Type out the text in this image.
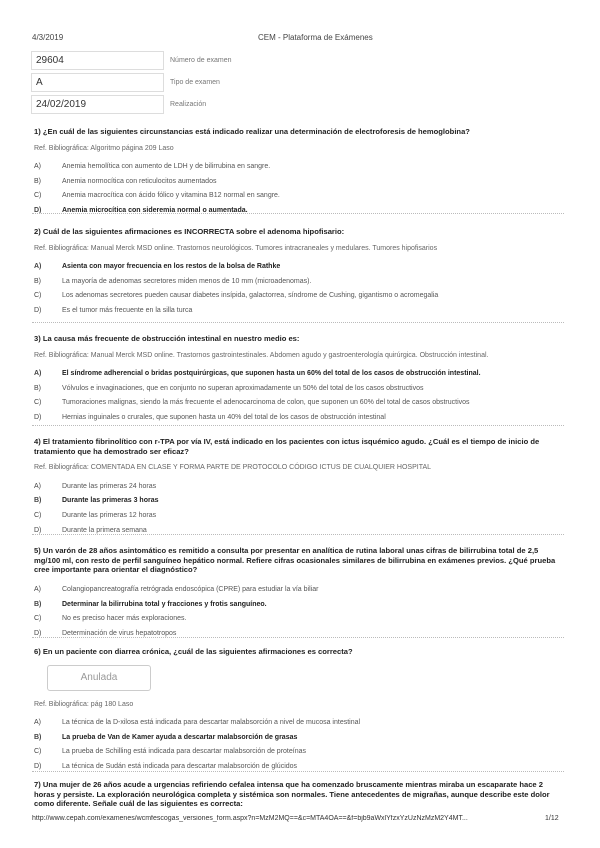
4/3/2019	CEM - Plataforma de Exámenes
29604	Número de examen
A	Tipo de examen
24/02/2019	Realización
1) ¿En cuál de las siguientes circunstancias está indicado realizar una determinación de electroforesis de hemoglobina?
Ref. Bibliográfica: Algoritmo página 209 Laso
A)	Anemia hemolítica con aumento de LDH y de bilirrubina en sangre.
B)	Anemia normocítica con reticulocitos aumentados
C)	Anemia macrocítica con ácido fólico y vitamina B12 normal en sangre.
D)	Anemia microcítica con sideremia normal o aumentada.
2) Cuál de las siguientes afirmaciones es INCORRECTA sobre el adenoma hipofisario:
Ref. Bibliográfica: Manual Merck MSD online. Trastornos neurológicos. Tumores intracraneales y medulares. Tumores hipofisarios
A)	Asienta con mayor frecuencia en los restos de la bolsa de Rathke
B)	La mayoría de adenomas secretores miden menos de 10 mm (microadenomas).
C)	Los adenomas secretores pueden causar diabetes insípida, galactorrea, síndrome de Cushing, gigantismo o acromegalia
D)	Es el tumor más frecuente en la silla turca
3) La causa más frecuente de obstrucción intestinal en nuestro medio es:
Ref. Bibliográfica: Manual Merck MSD online. Trastornos gastrointestinales. Abdomen agudo y gastroenterología quirúrgica. Obstrucción intestinal.
A)	El síndrome adherencial o bridas postquirúrgicas, que suponen hasta un 60% del total de los casos de obstrucción intestinal.
B)	Vólvulos e invaginaciones, que en conjunto no superan aproximadamente un 50% del total de los casos obstructivos
C)	Tumoraciones malignas, siendo la más frecuente el adenocarcinoma de colon, que suponen un 60% del total de casos obstructivos
D)	Hernias inguinales o crurales, que suponen hasta un 40% del total de los casos de obstrucción intestinal
4) El tratamiento fibrinolítico con r-TPA por vía IV, está indicado en los pacientes con ictus isquémico agudo. ¿Cuál es el tiempo de inicio de tratamiento que ha demostrado ser eficaz?
Ref. Bibliográfica: COMENTADA EN CLASE Y FORMA PARTE DE PROTOCOLO CÓDIGO ICTUS DE CUALQUIER HOSPITAL
A)	Durante las primeras 24 horas
B)	Durante las primeras 3 horas
C)	Durante las primeras 12 horas
D)	Durante la primera semana
5) Un varón de 28 años asintomático es remitido a consulta por presentar en analítica de rutina laboral unas cifras de bilirrubina total de 2,5 mg/100 ml, con resto de perfil sanguíneo hepático normal. Refiere cifras ocasionales similares de bilirrubina en exámenes previos. ¿Qué prueba cree importante para orientar el diagnóstico?
A)	Colangiopancreatografía retrógrada endoscópica (CPRE) para estudiar la vía biliar
B)	Determinar la bilirrubina total y fracciones y frotis sanguíneo.
C)	No es preciso hacer más exploraciones.
D)	Determinación de virus hepatotropos
6) En un paciente con diarrea crónica, ¿cuál de las siguientes afirmaciones es correcta?
Anulada
Ref. Bibliográfica: pág 180 Laso
A)	La técnica de la D-xilosa está indicada para descartar malabsorción a nivel de mucosa intestinal
B)	La prueba de Van de Kamer ayuda a descartar malabsorción de grasas
C)	La prueba de Schilling está indicada para descartar malabsorción de proteínas
D)	La técnica de Sudán está indicada para descartar malabsorción de glúcidos
7) Una mujer de 26 años acude a urgencias refiriendo cefalea intensa que ha comenzado bruscamente mientras miraba un escaparate hace 2 horas y persiste. La exploración neurológica completa y sistémica son normales. Tiene antecedentes de migrañas, aunque describe este dolor como diferente. Señale cuál de las siguientes es correcta:
http://www.cepah.com/examenes/wcmfescogas_versiones_form.aspx?n=MzM2MQ==&c=MTA4OA==&f=bjb9aWxlYfzxYzUzNzMzM2Y4MT...	1/12
